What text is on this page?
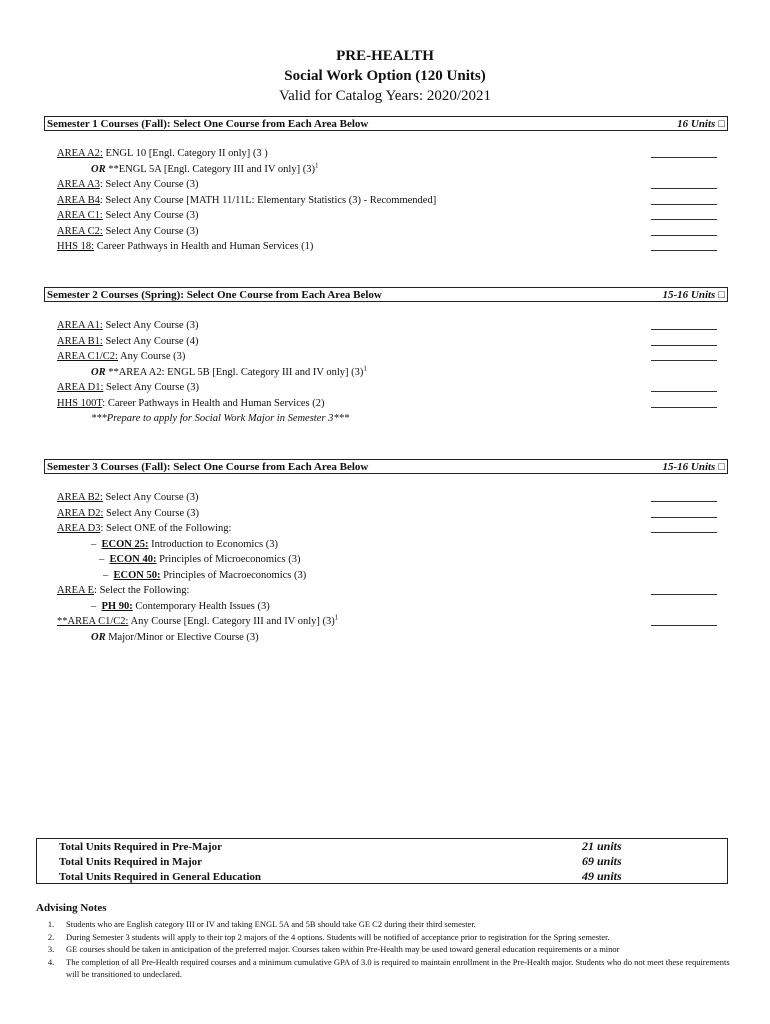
PRE-HEALTH
Social Work Option (120 Units)
Valid for Catalog Years: 2020/2021
Semester 1 Courses (Fall): Select One Course from Each Area Below	16 Units □
AREA A2: ENGL 10 [Engl. Category II only] (3 )
OR **ENGL 5A [Engl. Category III and IV only] $(3)^1$
AREA A3: Select Any Course (3)
AREA B4: Select Any Course [MATH 11/11L: Elementary Statistics (3) - Recommended]
AREA C1: Select Any Course (3)
AREA C2: Select Any Course (3)
HHS 18: Career Pathways in Health and Human Services (1)
Semester 2 Courses (Spring): Select One Course from Each Area Below	15-16 Units □
AREA A1: Select Any Course (3)
AREA B1: Select Any Course (4)
AREA C1/C2: Any Course (3)
OR **AREA A2: ENGL 5B [Engl. Category III and IV only] $(3)^1$
AREA D1: Select Any Course (3)
HHS 100T: Career Pathways in Health and Human Services (2)
***Prepare to apply for Social Work Major in Semester 3***
Semester 3 Courses (Fall): Select One Course from Each Area Below	15-16 Units □
AREA B2: Select Any Course (3)
AREA D2: Select Any Course (3)
AREA D3: Select ONE of the Following:
–  ECON 25: Introduction to Economics (3)
–  ECON 40: Principles of Microeconomics (3)
–  ECON 50: Principles of Macroeconomics (3)
AREA E: Select the Following:
–  PH 90: Contemporary Health Issues (3)
**AREA C1/C2: Any Course [Engl. Category III and IV only] $(3)^1$
OR Major/Minor or Elective Course (3)
Total Units Required in Pre-Major	21 units
Total Units Required in Major	69 units
Total Units Required in General Education	49 units
Advising Notes
1.	Students who are English category III or IV and taking ENGL 5A and 5B should take GE C2 during their third semester.
2.	During Semester 3 students will apply to their top 2 majors of the 4 options. Students will be notified of acceptance prior to registration for the Spring semester.
3.	GE courses should be taken in anticipation of the preferred major. Courses taken within Pre-Health may be used toward general education requirements or a minor
4.	The completion of all Pre-Health required courses and a minimum cumulative GPA of 3.0 is required to maintain enrollment in the Pre-Health major. Students who do not meet these requirements will be transitioned to undeclared.
